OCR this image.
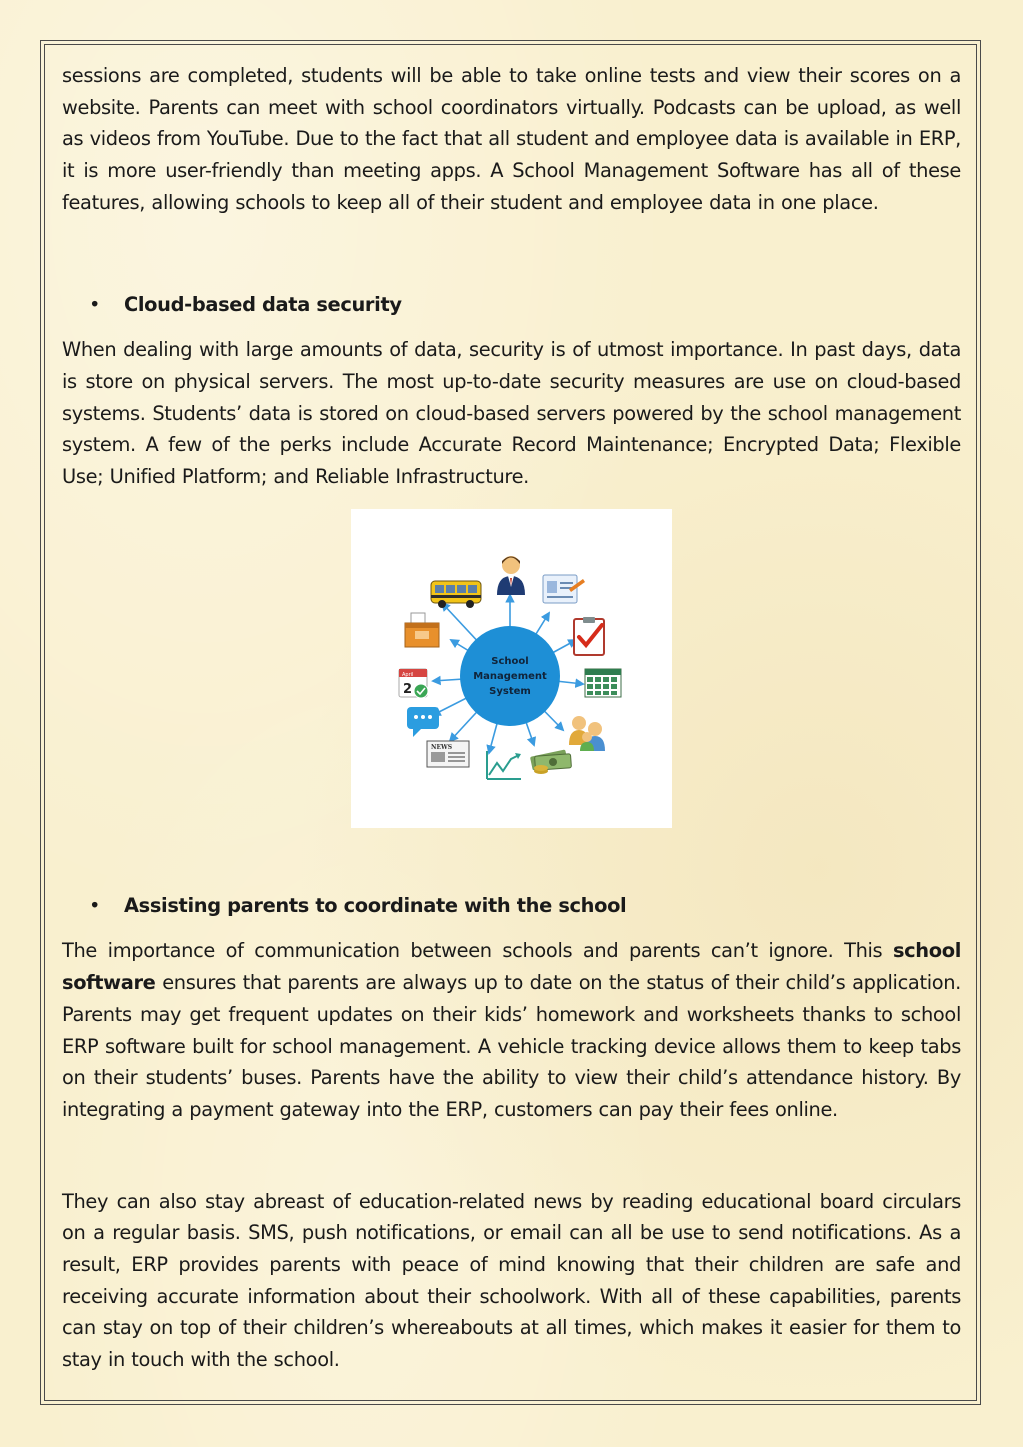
sessions are completed, students will be able to take online tests and view their scores on a website. Parents can meet with school coordinators virtually. Podcasts can be upload, as well as videos from YouTube. Due to the fact that all student and employee data is available in ERP, it is more user-friendly than meeting apps. A School Management Software has all of these features, allowing schools to keep all of their student and employee data in one place.

• Cloud-based data security

When dealing with large amounts of data, security is of utmost importance. In past days, data is store on physical servers. The most up-to-date security measures are use on cloud-based systems. Students’ data is stored on cloud-based servers powered by the school management system. A few of the perks include Accurate Record Maintenance; Encrypted Data; Flexible Use; Unified Platform; and Reliable Infrastructure.

School
Management
System
NEWS
April
2

• Assisting parents to coordinate with the school

The importance of communication between schools and parents can’t ignore. This school software ensures that parents are always up to date on the status of their child’s application. Parents may get frequent updates on their kids’ homework and worksheets thanks to school ERP software built for school management. A vehicle tracking device allows them to keep tabs on their students’ buses. Parents have the ability to view their child’s attendance history. By integrating a payment gateway into the ERP, customers can pay their fees online.

They can also stay abreast of education-related news by reading educational board circulars on a regular basis. SMS, push notifications, or email can all be use to send notifications. As a result, ERP provides parents with peace of mind knowing that their children are safe and receiving accurate information about their schoolwork. With all of these capabilities, parents can stay on top of their children’s whereabouts at all times, which makes it easier for them to stay in touch with the school.
